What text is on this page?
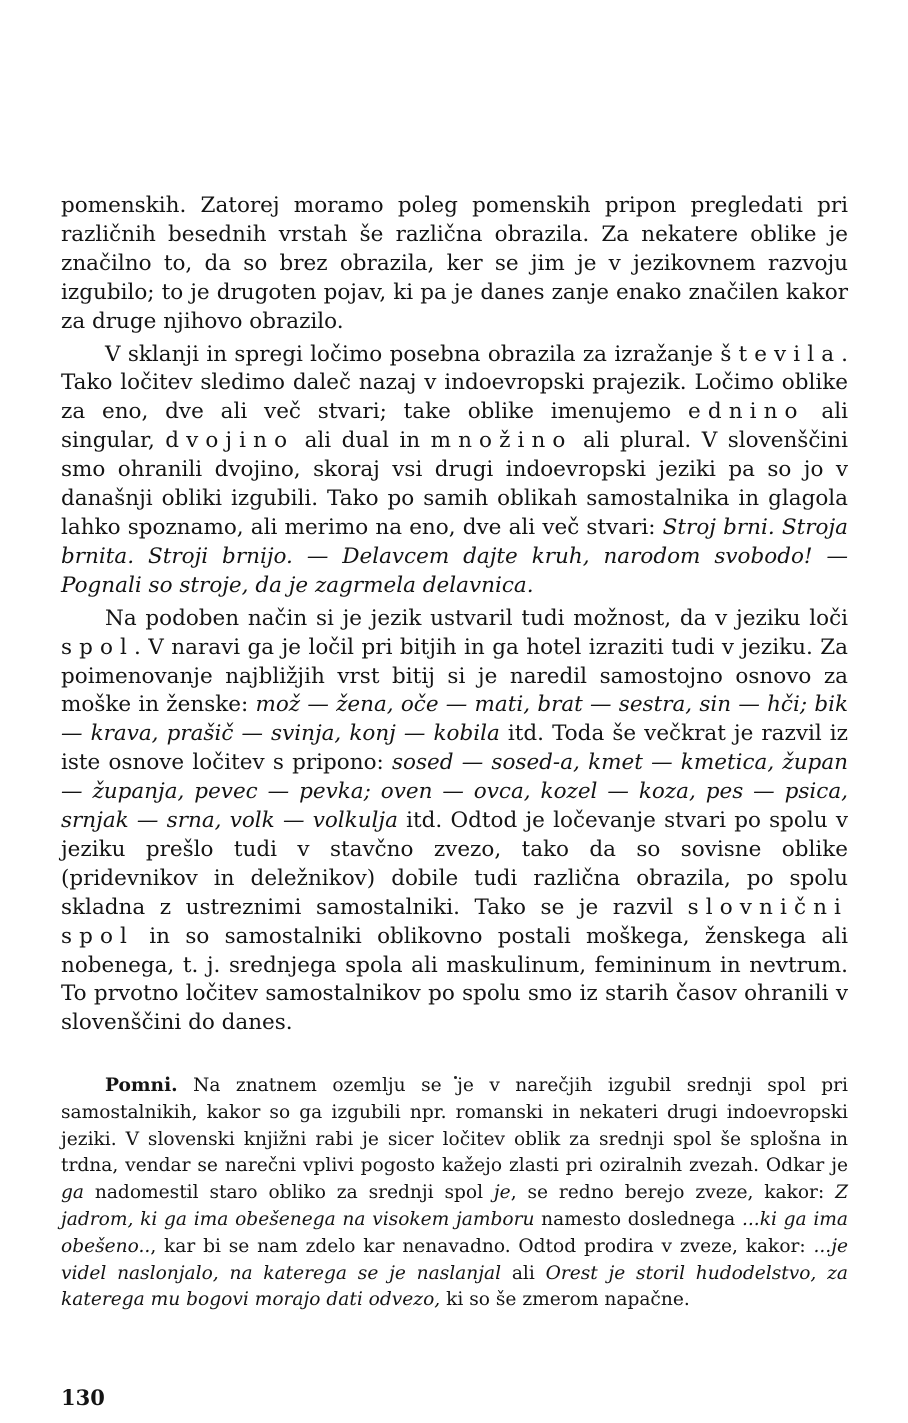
pomenskih. Zatorej moramo poleg pomenskih pripon pregledati pri različnih besednih vrstah še različna obrazila. Za nekatere oblike je značilno to, da so brez obrazila, ker se jim je v jezikovnem razvoju izgubilo; to je drugoten pojav, ki pa je danes zanje enako značilen kakor za druge njihovo obrazilo.

V sklanji in spregi ločimo posebna obrazila za izražanje števila. Tako ločitev sledimo daleč nazaj v indoevropski prajezik. Ločimo oblike za eno, dve ali več stvari; take oblike imenujemo ednino ali singular, dvojino ali dual in množino ali plural. V slovenščini smo ohranili dvojino, skoraj vsi drugi indoevropski jeziki pa so jo v današnji obliki izgubili. Tako po samih oblikah samostalnika in glagola lahko spoznamo, ali merimo na eno, dve ali več stvari: Stroj brni. Stroja brnita. Stroji brnijo. — Delavcem dajte kruh, narodom svobodo! — Pognali so stroje, da je zagrmela delavnica.

Na podoben način si je jezik ustvaril tudi možnost, da v jeziku loči spol. V naravi ga je ločil pri bitjih in ga hotel izraziti tudi v jeziku. Za poimenovanje najbližjih vrst bitij si je naredil samostojno osnovo za moške in ženske: mož — žena, oče — mati, brat — sestra, sin — hči; bik — krava, prašič — svinja, konj — kobila itd. Toda še večkrat je razvil iz iste osnove ločitev s pripono: sosed — sosed-a, kmet — kmetica, župan — županja, pevec — pevka; oven — ovca, kozel — koza, pes — psica, srnjak — srna, volk — volkulja itd. Odtod je ločevanje stvari po spolu v jeziku prešlo tudi v stavčno zvezo, tako da so sovisne oblike (pridevnikov in deležnikov) dobile tudi različna obrazila, po spolu skladna z ustreznimi samostalniki. Tako se je razvil slovnični spol in so samostalniki oblikovno postali moškega, ženskega ali nobenega, t. j. srednjega spola ali maskulinum, femininum in nevtrum. To prvotno ločitev samostalnikov po spolu smo iz starih časov ohranili v slovenščini do danes.

Pomni. Na znatnem ozemlju se je v narečjih izgubil srednji spol pri samostalnikih, kakor so ga izgubili npr. romanski in nekateri drugi indoevropski jeziki. V slovenski knjižni rabi je sicer ločitev oblik za srednji spol še splošna in trdna, vendar se narečni vplivi pogosto kažejo zlasti pri oziralnih zvezah. Odkar je ga nadomestil staro obliko za srednji spol je, se redno berejo zveze, kakor: Z jadrom, ki ga ima obešenega na visokem jamboru namesto doslednega ...ki ga ima obešeno.., kar bi se nam zdelo kar nenavadno. Odtod prodira v zveze, kakor: ...je videl naslonjalo, na katerega se je naslanjal ali Orest je storil hudodelstvo, za katerega mu bogovi morajo dati odvezo, ki so še zmerom napačne.

130
